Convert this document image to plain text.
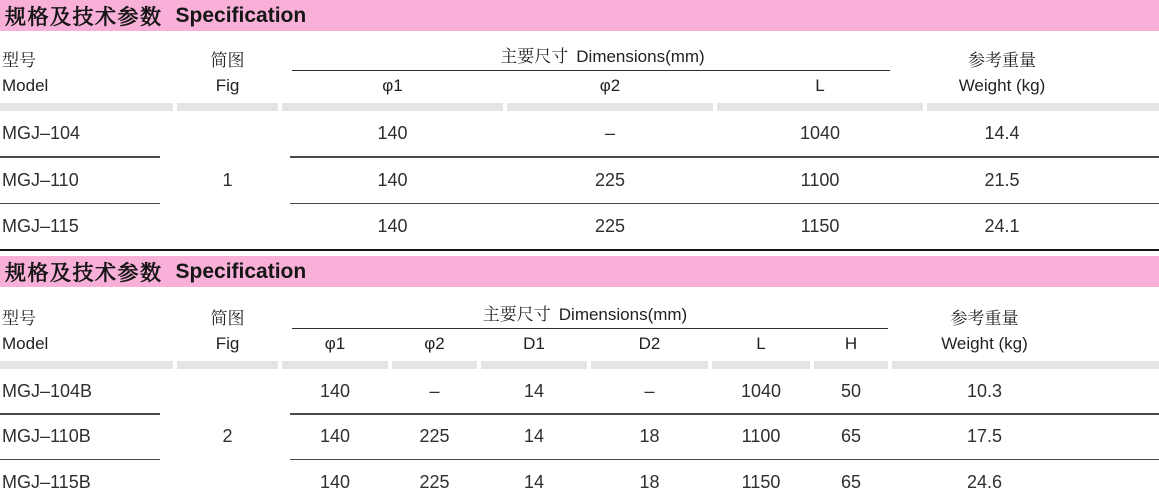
规格及技术参数 Specification
型号
Model
简图
Fig
主要尺寸 Dimensions(mm)
φ1	φ2	L
参考重量
Weight (kg)
MGJ–104	140	–	1040	14.4
MGJ–110	140	225	1100	21.5
MGJ–115	140	225	1150	24.1
1
规格及技术参数 Specification
型号
Model
简图
Fig
主要尺寸 Dimensions(mm)
φ1	φ2	D1	D2	L	H
参考重量
Weight (kg)
MGJ–104B	140	–	14	–	1040	50	10.3
MGJ–110B	140	225	14	18	1100	65	17.5
MGJ–115B	140	225	14	18	1150	65	24.6
2
